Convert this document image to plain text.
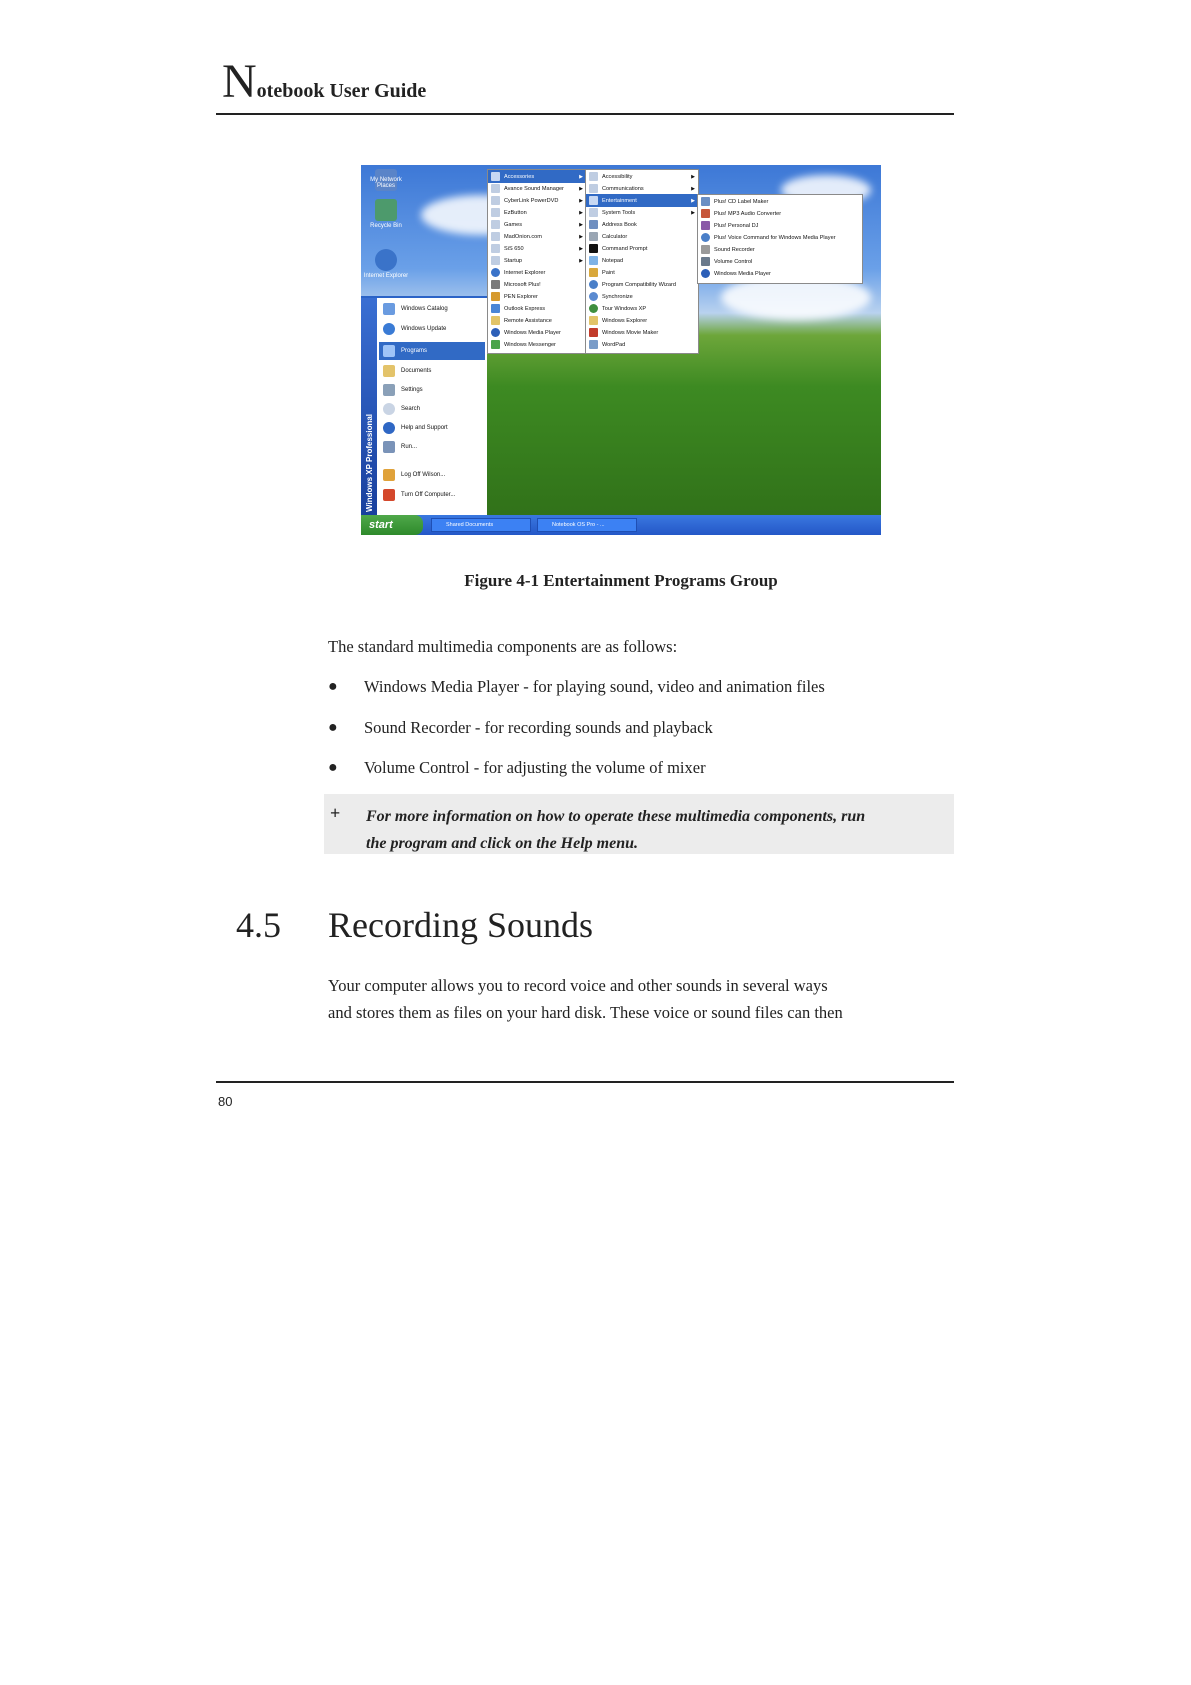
Notebook User Guide
My Network Places
Recycle Bin
Internet Explorer
Windows XP Professional
Windows Catalog
Windows Update
Programs
Documents
Settings
Search
Help and Support
Run...
Log Off Wilson...
Turn Off Computer...
Accessories	▶
Avance Sound Manager	▶
CyberLink PowerDVD	▶
EzButton	▶
Games	▶
MadOnion.com	▶
SiS 650	▶
Startup	▶
Internet Explorer
Microsoft Plus!
PEN Explorer
Outlook Express
Remote Assistance
Windows Media Player
Windows Messenger
Accessibility	▶
Communications	▶
Entertainment	▶
System Tools	▶
Address Book
Calculator
Command Prompt
Notepad
Paint
Program Compatibility Wizard
Synchronize
Tour Windows XP
Windows Explorer
Windows Movie Maker
WordPad
Plus! CD Label Maker
Plus! MP3 Audio Converter
Plus! Personal DJ
Plus! Voice Command for Windows Media Player
Sound Recorder
Volume Control
Windows Media Player
start	Shared Documents	Notebook OS Pro - ...
Figure 4-1 Entertainment Programs Group
The standard multimedia components are as follows:
● Windows Media Player - for playing sound, video and animation files
● Sound Recorder - for recording sounds and playback
● Volume Control - for adjusting the volume of mixer
+ For more information on how to operate these multimedia components, run
the program and click on the Help menu.
4.5 Recording Sounds
Your computer allows you to record voice and other sounds in several ways
and stores them as files on your hard disk. These voice or sound files can then
80
